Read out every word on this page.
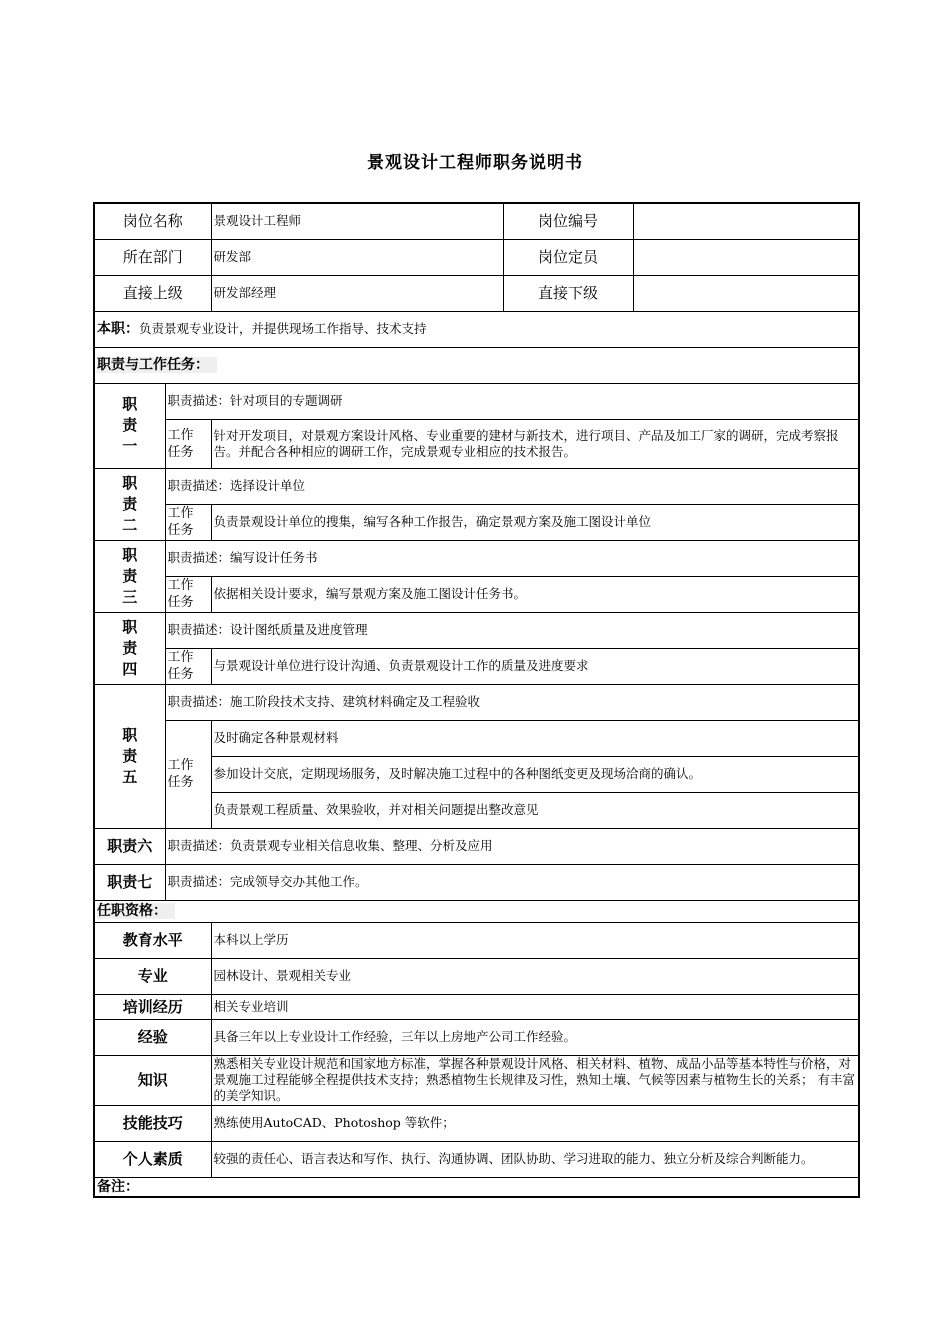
景观设计工程师职务说明书
岗位名称		景观设计工程师	岗位编号	
所在部门		研发部	岗位定员	
直接上级		研发部经理	直接下级	
本职：负责景观专业设计，并提供现场工作指导、技术支持				
职责与工作任务：				
职
责
一	职责描述：针对项目的专题调研			
	工作
任务	针对开发项目，对景观方案设计风格、专业重要的建材与新技术，进行项目、产品及加工厂家的调研，完成考察报告。并配合各种相应的调研工作，完成景观专业相应的技术报告。		
职
责
二	职责描述：选择设计单位			
	工作
任务	负责景观设计单位的搜集，编写各种工作报告，确定景观方案及施工图设计单位		
职
责
三	职责描述：编写设计任务书			
	工作
任务	依据相关设计要求，编写景观方案及施工图设计任务书。		
职
责
四	职责描述：设计图纸质量及进度管理			
	工作
任务	与景观设计单位进行设计沟通、负责景观设计工作的质量及进度要求		
职
责
五	职责描述：施工阶段技术支持、建筑材料确定及工程验收			
	工作
任务	及时确定各种景观材料		
		参加设计交底，定期现场服务，及时解决施工过程中的各种图纸变更及现场洽商的确认。		
		负责景观工程质量、效果验收，并对相关问题提出整改意见		
职责六	职责描述：负责景观专业相关信息收集、整理、分析及应用			
职责七	职责描述：完成领导交办其他工作。			
任职资格：				
教育水平		本科以上学历		
专业		园林设计、景观相关专业		
培训经历		相关专业培训		
经验		具备三年以上专业设计工作经验，三年以上房地产公司工作经验。		
知识		熟悉相关专业设计规范和国家地方标准，掌握各种景观设计风格、相关材料、植物、成品小品等基本特性与价格，对景观施工过程能够全程提供技术支持；熟悉植物生长规律及习性，熟知土壤、气候等因素与植物生长的关系； 有丰富的美学知识。		
技能技巧		熟练使用AutoCAD、Photoshop 等软件；		
个人素质		较强的责任心、语言表达和写作、执行、沟通协调、团队协助、学习进取的能力、独立分析及综合判断能力。		
备注：				
